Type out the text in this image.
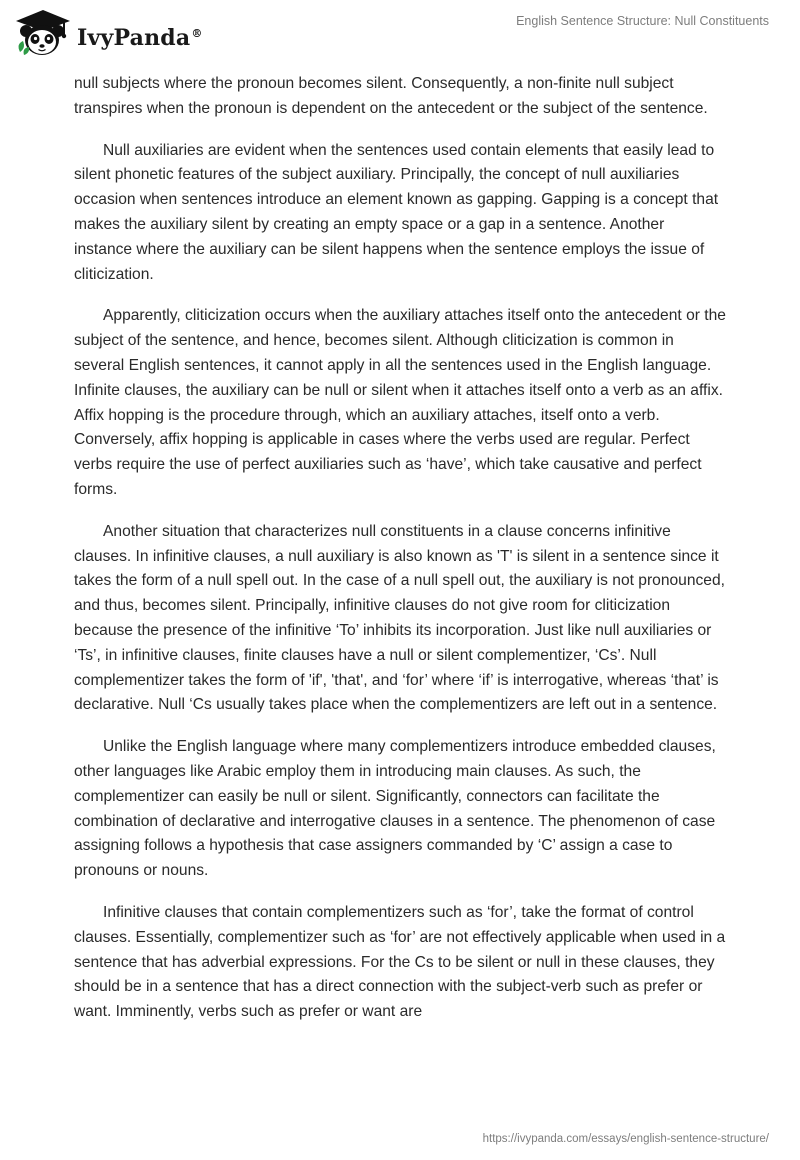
IvyPanda®
English Sentence Structure: Null Constituents

null subjects where the pronoun becomes silent. Consequently, a non-finite null subject transpires when the pronoun is dependent on the antecedent or the subject of the sentence.

Null auxiliaries are evident when the sentences used contain elements that easily lead to silent phonetic features of the subject auxiliary. Principally, the concept of null auxiliaries occasion when sentences introduce an element known as gapping. Gapping is a concept that makes the auxiliary silent by creating an empty space or a gap in a sentence. Another instance where the auxiliary can be silent happens when the sentence employs the issue of cliticization.

Apparently, cliticization occurs when the auxiliary attaches itself onto the antecedent or the subject of the sentence, and hence, becomes silent. Although cliticization is common in several English sentences, it cannot apply in all the sentences used in the English language. Infinite clauses, the auxiliary can be null or silent when it attaches itself onto a verb as an affix. Affix hopping is the procedure through, which an auxiliary attaches, itself onto a verb. Conversely, affix hopping is applicable in cases where the verbs used are regular. Perfect verbs require the use of perfect auxiliaries such as ‘have’, which take causative and perfect forms.

Another situation that characterizes null constituents in a clause concerns infinitive clauses. In infinitive clauses, a null auxiliary is also known as 'T' is silent in a sentence since it takes the form of a null spell out. In the case of a null spell out, the auxiliary is not pronounced, and thus, becomes silent. Principally, infinitive clauses do not give room for cliticization because the presence of the infinitive ‘To’ inhibits its incorporation. Just like null auxiliaries or ‘Ts’, in infinitive clauses, finite clauses have a null or silent complementizer, ‘Cs’. Null complementizer takes the form of 'if', 'that', and ‘for’ where ‘if’ is interrogative, whereas ‘that’ is declarative. Null ‘Cs usually takes place when the complementizers are left out in a sentence.

Unlike the English language where many complementizers introduce embedded clauses, other languages like Arabic employ them in introducing main clauses. As such, the complementizer can easily be null or silent. Significantly, connectors can facilitate the combination of declarative and interrogative clauses in a sentence. The phenomenon of case assigning follows a hypothesis that case assigners commanded by ‘C’ assign a case to pronouns or nouns.

Infinitive clauses that contain complementizers such as ‘for’, take the format of control clauses. Essentially, complementizer such as ‘for’ are not effectively applicable when used in a sentence that has adverbial expressions. For the Cs to be silent or null in these clauses, they should be in a sentence that has a direct connection with the subject-verb such as prefer or want. Imminently, verbs such as prefer or want are

https://ivypanda.com/essays/english-sentence-structure/
